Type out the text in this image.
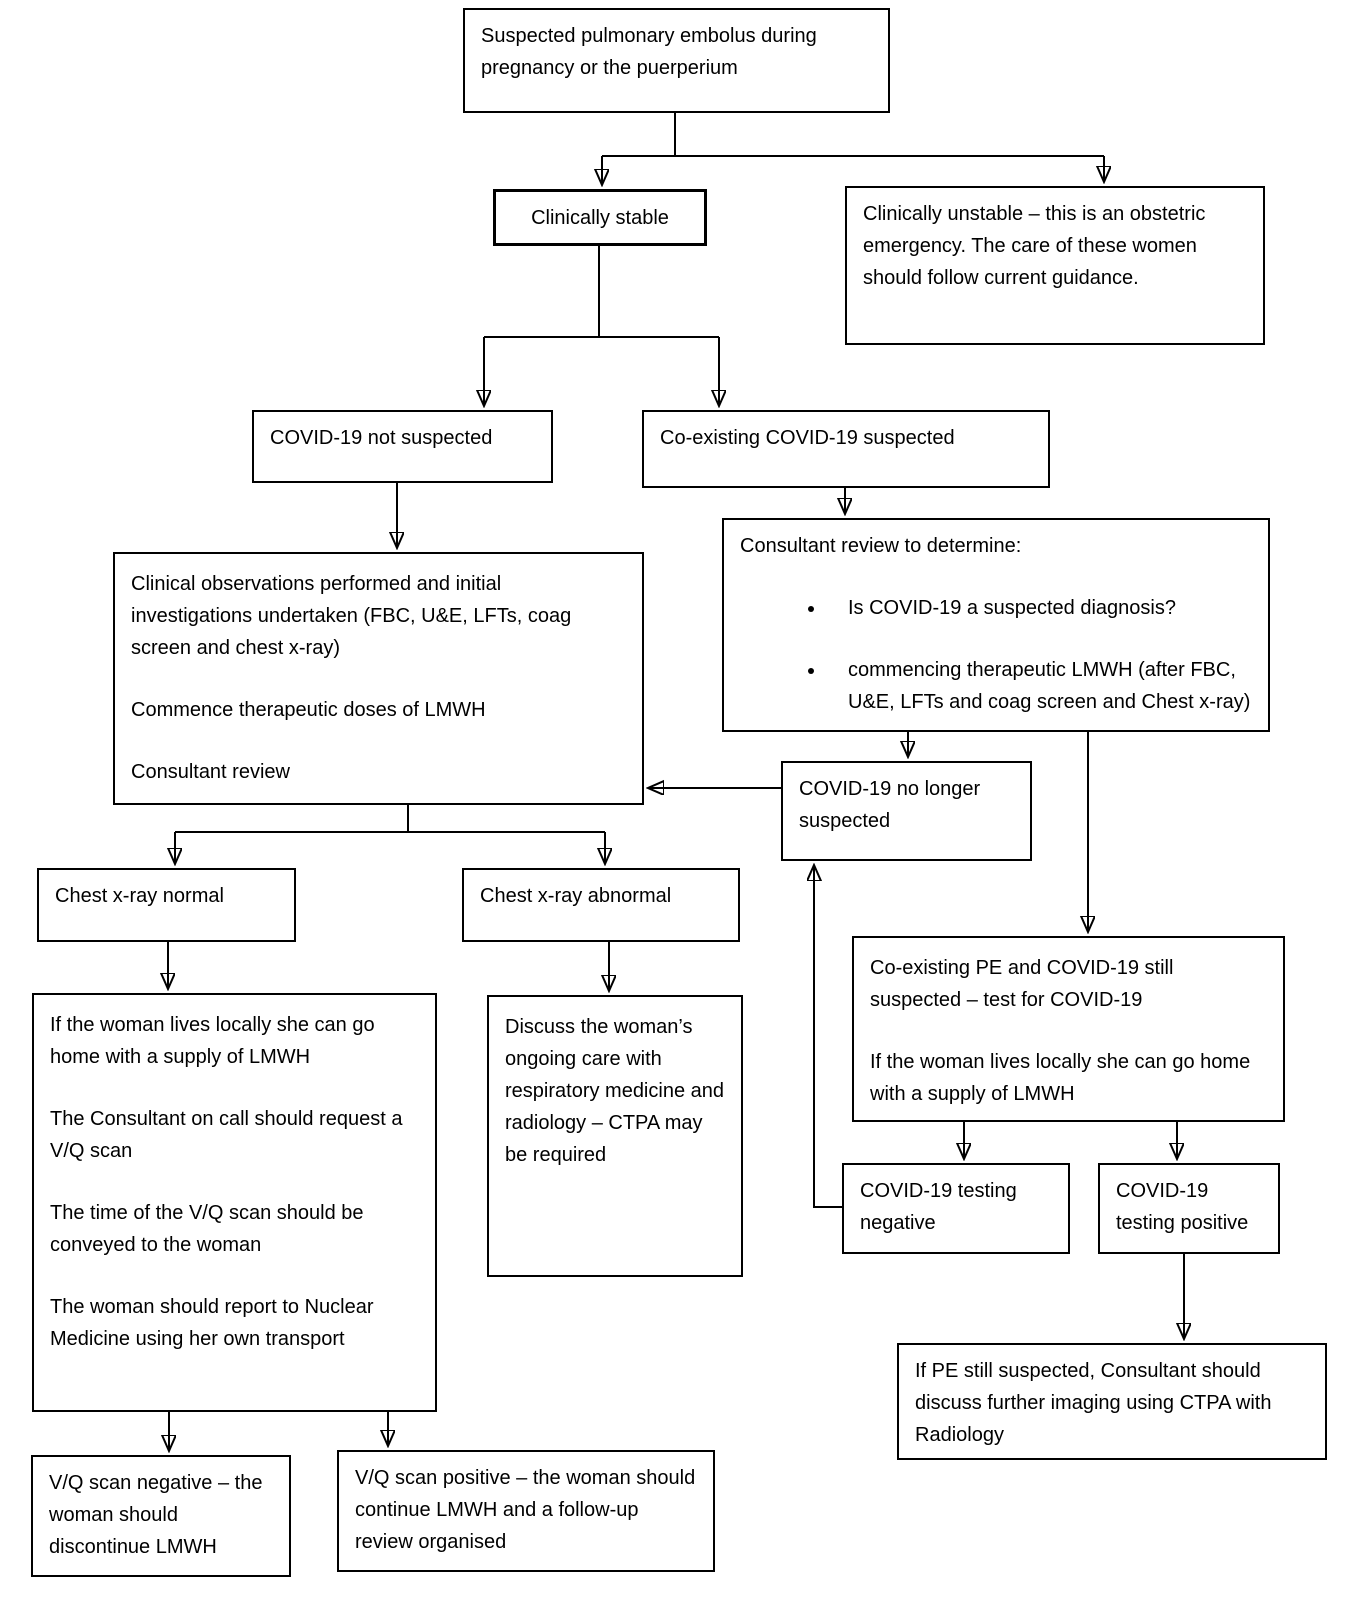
Suspected pulmonary embolus during pregnancy or the puerperium
Clinically stable	Clinically unstable – this is an obstetric emergency. The care of these women should follow current guidance.
COVID-19 not suspected	Co-existing COVID-19 suspected
Clinical observations performed and initial investigations undertaken (FBC, U&E, LFTs, coag screen and chest x-ray)
Commence therapeutic doses of LMWH
Consultant review
Consultant review to determine:
• Is COVID-19 a suspected diagnosis?
• commencing therapeutic LMWH (after FBC, U&E, LFTs and coag screen and Chest x-ray)
COVID-19 no longer suspected
Chest x-ray normal	Chest x-ray abnormal
If the woman lives locally she can go home with a supply of LMWH
The Consultant on call should request a V/Q scan
The time of the V/Q scan should be conveyed to the woman
The woman should report to Nuclear Medicine using her own transport
Discuss the woman’s ongoing care with respiratory medicine and radiology – CTPA may be required
Co-existing PE and COVID-19 still suspected – test for COVID-19
If the woman lives locally she can go home with a supply of LMWH
COVID-19 testing negative
COVID-19 testing positive
If PE still suspected, Consultant should discuss further imaging using CTPA with Radiology
V/Q scan negative – the woman should discontinue LMWH
V/Q scan positive – the woman should continue LMWH and a follow-up review organised
